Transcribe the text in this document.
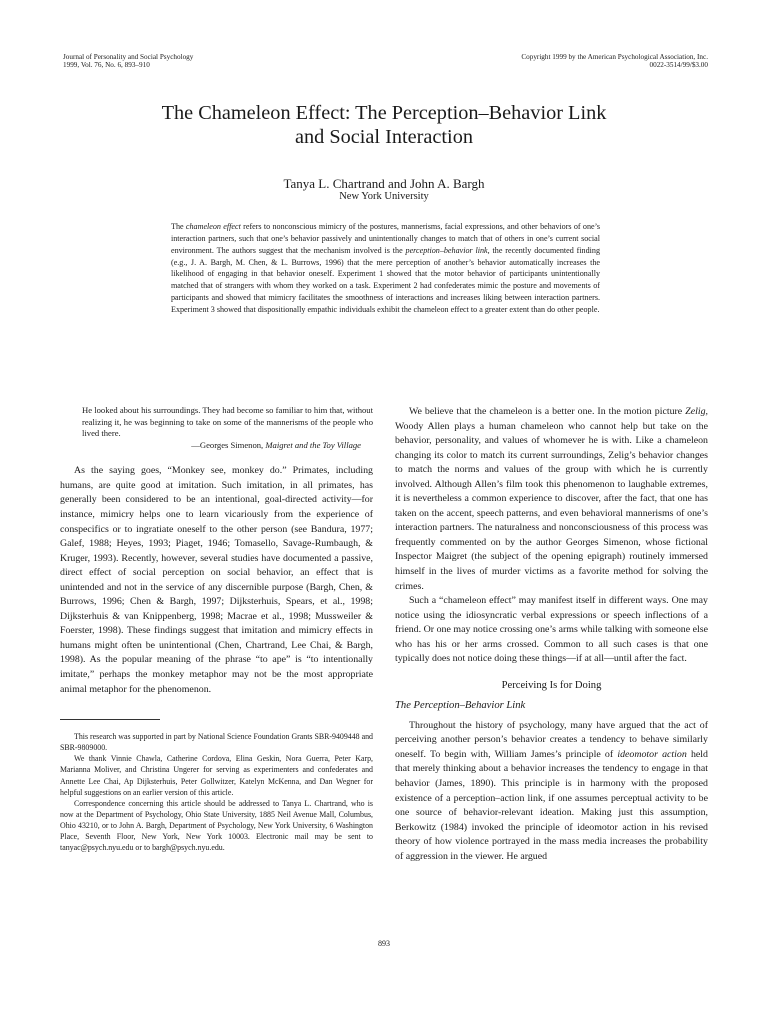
Journal of Personality and Social Psychology
1999, Vol. 76, No. 6, 893–910
Copyright 1999 by the American Psychological Association, Inc.
0022-3514/99/$3.00
The Chameleon Effect: The Perception–Behavior Link
and Social Interaction
Tanya L. Chartrand and John A. Bargh
New York University
The chameleon effect refers to nonconscious mimicry of the postures, mannerisms, facial expressions, and other behaviors of one’s interaction partners, such that one’s behavior passively and unintentionally changes to match that of others in one’s current social environment. The authors suggest that the mechanism involved is the perception–behavior link, the recently documented finding (e.g., J. A. Bargh, M. Chen, & L. Burrows, 1996) that the mere perception of another’s behavior automatically increases the likelihood of engaging in that behavior oneself. Experiment 1 showed that the motor behavior of participants unintentionally matched that of strangers with whom they worked on a task. Experiment 2 had confederates mimic the posture and movements of participants and showed that mimicry facilitates the smoothness of interactions and increases liking between interaction partners. Experiment 3 showed that dispositionally empathic individuals exhibit the chameleon effect to a greater extent than do other people.
He looked about his surroundings. They had become so familiar to him that, without realizing it, he was beginning to take on some of the mannerisms of the people who lived there.
—Georges Simenon, Maigret and the Toy Village

As the saying goes, “Monkey see, monkey do.” Primates, including humans, are quite good at imitation. Such imitation, in all primates, has generally been considered to be an intentional, goal-directed activity—for instance, mimicry helps one to learn vicariously from the experience of conspecifics or to ingratiate oneself to the other person (see Bandura, 1977; Galef, 1988; Heyes, 1993; Piaget, 1946; Tomasello, Savage-Rumbaugh, & Kruger, 1993). Recently, however, several studies have documented a passive, direct effect of social perception on social behavior, an effect that is unintended and not in the service of any discernible purpose (Bargh, Chen, & Burrows, 1996; Chen & Bargh, 1997; Dijksterhuis, Spears, et al., 1998; Dijksterhuis & van Knippenberg, 1998; Macrae et al., 1998; Mussweiler & Foerster, 1998). These findings suggest that imitation and mimicry effects in humans might often be unintentional (Chen, Chartrand, Lee Chai, & Bargh, 1998). As the popular meaning of the phrase “to ape” is “to intentionally imitate,” perhaps the monkey metaphor may not be the most appropriate animal metaphor for the phenomenon.

This research was supported in part by National Science Foundation Grants SBR-9409448 and SBR-9809000.

We thank Vinnie Chawla, Catherine Cordova, Elina Geskin, Nora Guerra, Peter Karp, Marianna Moliver, and Christina Ungerer for serving as experimenters and confederates and Annette Lee Chai, Ap Dijksterhuis, Peter Gollwitzer, Katelyn McKenna, and Dan Wegner for helpful suggestions on an earlier version of this article.

Correspondence concerning this article should be addressed to Tanya L. Chartrand, who is now at the Department of Psychology, Ohio State University, 1885 Neil Avenue Mall, Columbus, Ohio 43210, or to John A. Bargh, Department of Psychology, New York University, 6 Washington Place, Seventh Floor, New York, New York 10003. Electronic mail may be sent to tanyac@psych.nyu.edu or to bargh@psych.nyu.edu.

We believe that the chameleon is a better one. In the motion picture Zelig, Woody Allen plays a human chameleon who cannot help but take on the behavior, personality, and values of whomever he is with. Like a chameleon changing its color to match its current surroundings, Zelig’s behavior changes to match the norms and values of the group with which he is currently involved. Although Allen’s film took this phenomenon to laughable extremes, it is nevertheless a common experience to discover, after the fact, that one has taken on the accent, speech patterns, and even behavioral mannerisms of one’s interaction partners. The naturalness and nonconsciousness of this process was frequently commented on by the author Georges Simenon, whose fictional Inspector Maigret (the subject of the opening epigraph) routinely immersed himself in the lives of murder victims as a favorite method for solving the crimes.

Such a “chameleon effect” may manifest itself in different ways. One may notice using the idiosyncratic verbal expressions or speech inflections of a friend. Or one may notice crossing one’s arms while talking with someone else who has his or her arms crossed. Common to all such cases is that one typically does not notice doing these things—if at all—until after the fact.

Perceiving Is for Doing
The Perception–Behavior Link

Throughout the history of psychology, many have argued that the act of perceiving another person’s behavior creates a tendency to behave similarly oneself. To begin with, William James’s principle of ideomotor action held that merely thinking about a behavior increases the tendency to engage in that behavior (James, 1890). This principle is in harmony with the proposed existence of a perception–action link, if one assumes perceptual activity to be one source of behavior-relevant ideation. Making just this assumption, Berkowitz (1984) invoked the principle of ideomotor action in his revised theory of how violence portrayed in the mass media increases the probability of aggression in the viewer. He argued

893
